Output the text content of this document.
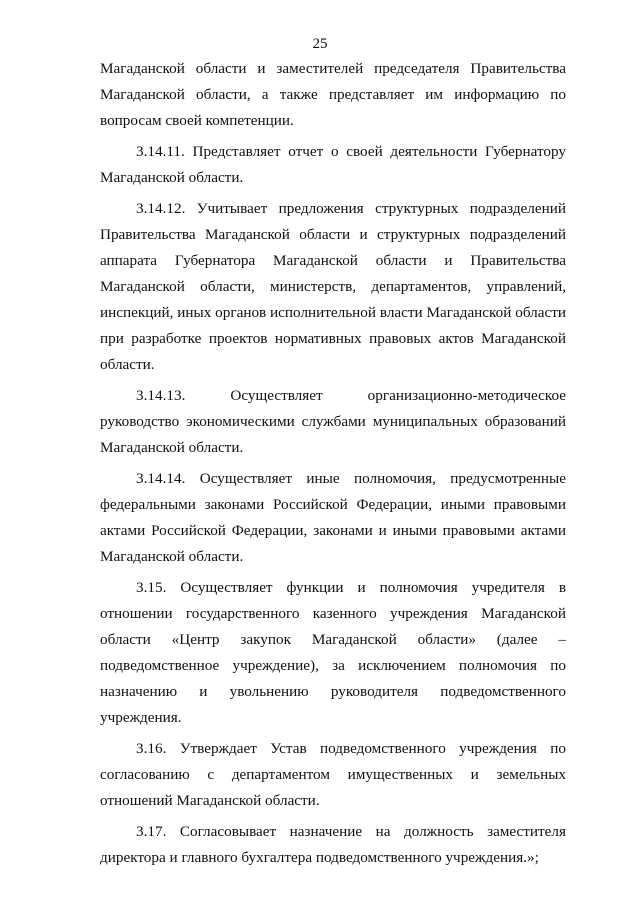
25

Магаданской области и заместителей председателя Правительства Магаданской области, а также представляет им информацию по вопросам своей компетенции.

3.14.11. Представляет отчет о своей деятельности Губернатору Магаданской области.

3.14.12. Учитывает предложения структурных подразделений Правительства Магаданской области и структурных подразделений аппарата Губернатора Магаданской области и Правительства Магаданской области, министерств, департаментов, управлений, инспекций, иных органов исполнительной власти Магаданской области при разработке проектов нормативных правовых актов Магаданской области.

3.14.13. Осуществляет организационно-методическое руководство экономическими службами муниципальных образований Магаданской области.

3.14.14. Осуществляет иные полномочия, предусмотренные федеральными законами Российской Федерации, иными правовыми актами Российской Федерации, законами и иными правовыми актами Магаданской области.

3.15. Осуществляет функции и полномочия учредителя в отношении государственного казенного учреждения Магаданской области «Центр закупок Магаданской области» (далее – подведомственное учреждение), за исключением полномочия по назначению и увольнению руководителя подведомственного учреждения.

3.16. Утверждает Устав подведомственного учреждения по согласованию с департаментом имущественных и земельных отношений Магаданской области.

3.17. Согласовывает назначение на должность заместителя директора и главного бухгалтера подведомственного учреждения.»;
